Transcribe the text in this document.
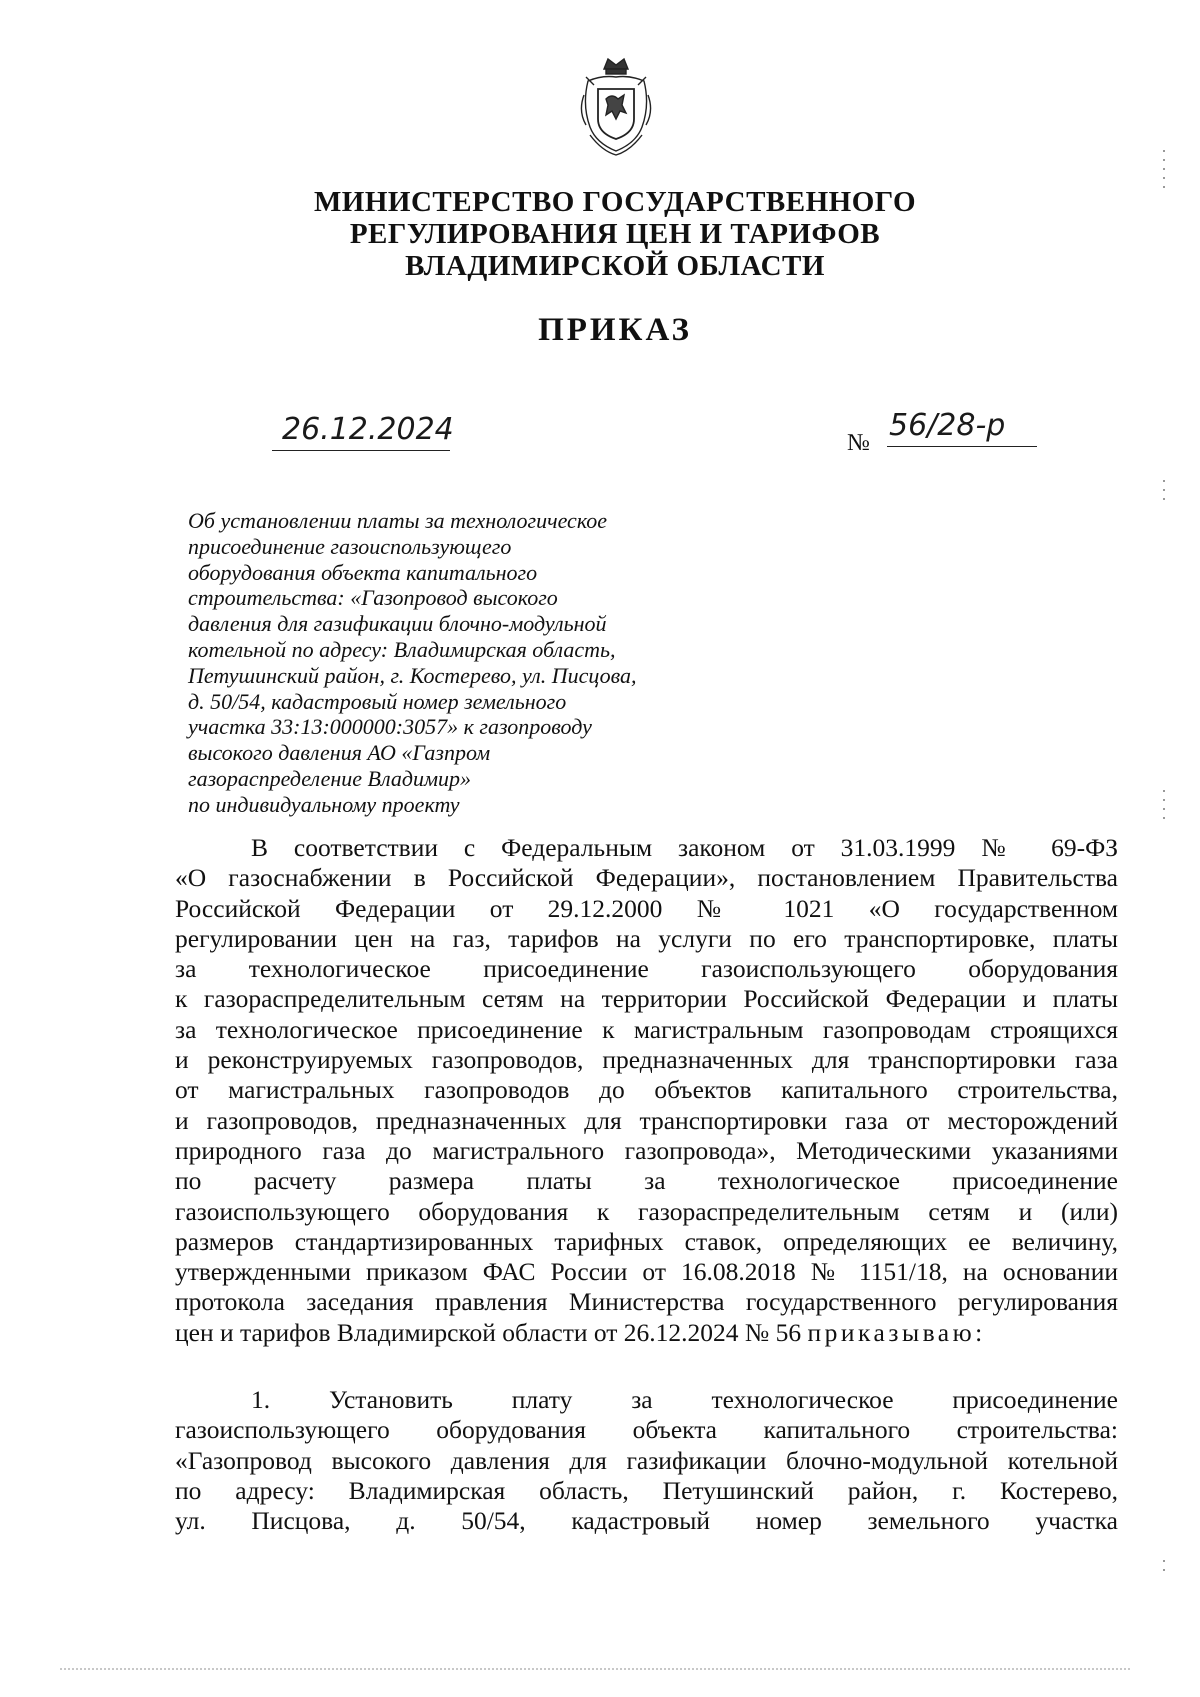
МИНИСТЕРСТВО ГОСУДАРСТВЕННОГО
РЕГУЛИРОВАНИЯ ЦЕН И ТАРИФОВ
ВЛАДИМИРСКОЙ ОБЛАСТИ
ПРИКАЗ
26.12.2024	№ 56/28-р
Об установлении платы за технологическое
присоединение газоиспользующего
оборудования объекта капитального
строительства: «Газопровод высокого
давления для газификации блочно-модульной
котельной по адресу: Владимирская область,
Петушинский район, г. Костерево, ул. Писцова,
д. 50/54, кадастровый номер земельного
участка 33:13:000000:3057» к газопроводу
высокого давления АО «Газпром
газораспределение Владимир»
по индивидуальному проекту
В соответствии с Федеральным законом от 31.03.1999 № 69-ФЗ
«О газоснабжении в Российской Федерации», постановлением Правительства
Российской Федерации от 29.12.2000 № 1021 «О государственном
регулировании цен на газ, тарифов на услуги по его транспортировке, платы
за технологическое присоединение газоиспользующего оборудования
к газораспределительным сетям на территории Российской Федерации и платы
за технологическое присоединение к магистральным газопроводам строящихся
и реконструируемых газопроводов, предназначенных для транспортировки газа
от магистральных газопроводов до объектов капитального строительства,
и газопроводов, предназначенных для транспортировки газа от месторождений
природного газа до магистрального газопровода», Методическими указаниями
по расчету размера платы за технологическое присоединение
газоиспользующего оборудования к газораспределительным сетям и (или)
размеров стандартизированных тарифных ставок, определяющих ее величину,
утвержденными приказом ФАС России от 16.08.2018 № 1151/18, на основании
протокола заседания правления Министерства государственного регулирования
цен и тарифов Владимирской области от 26.12.2024 № 56 приказываю:
1. Установить плату за технологическое присоединение
газоиспользующего оборудования объекта капитального строительства:
«Газопровод высокого давления для газификации блочно-модульной котельной
по адресу: Владимирская область, Петушинский район, г. Костерево,
ул. Писцова, д. 50/54, кадастровый номер земельного участка
